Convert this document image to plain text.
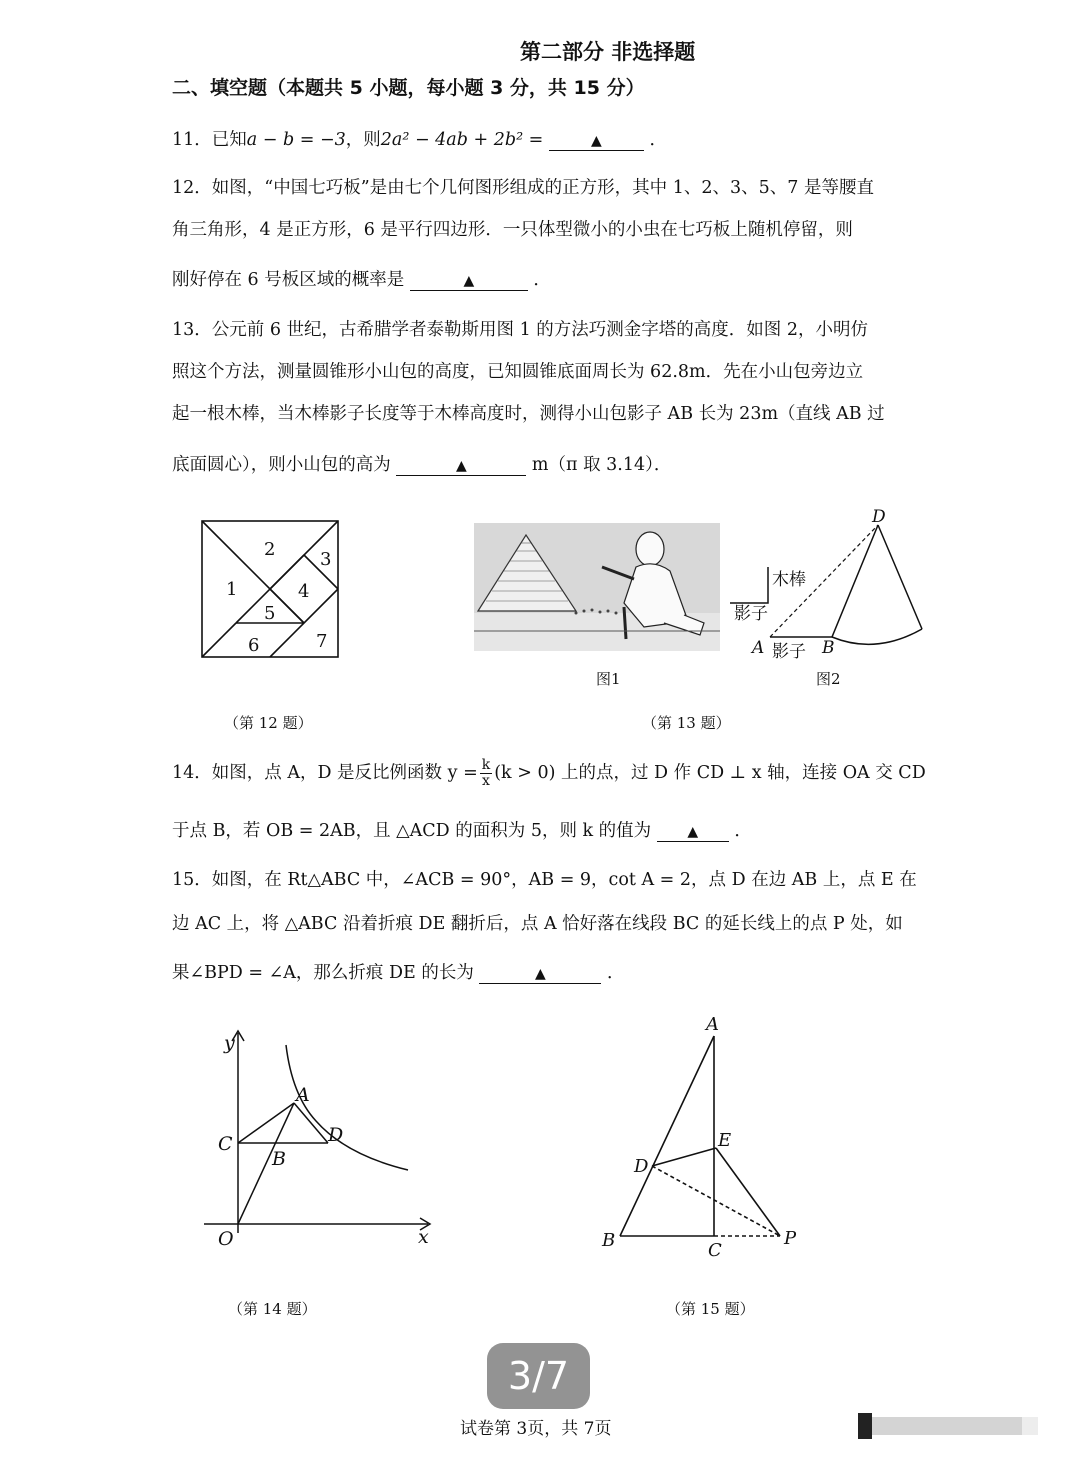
第二部分 非选择题
二、填空题（本题共 5 小题，每小题 3 分，共 15 分）
11．已知a − b = −3，则2a² − 4ab + 2b² =	▲	．
12．如图，“中国七巧板”是由七个几何图形组成的正方形，其中 1、2、3、5、7 是等腰直
角三角形，4 是正方形，6 是平行四边形．一只体型微小的小虫在七巧板上随机停留，则
刚好停在 6 号板区域的概率是	▲	．
13．公元前 6 世纪，古希腊学者泰勒斯用图 1 的方法巧测金字塔的高度．如图 2，小明仿
照这个方法，测量圆锥形小山包的高度，已知圆锥底面周长为 62.8m．先在小山包旁边立
起一根木棒，当木棒影子长度等于木棒高度时，测得小山包影子 AB 长为 23m（直线 AB 过
底面圆心），则小山包的高为	▲	m（π 取 3.14）．
1
2 3
4
5
6	7
图1
D
A	B
木棒
影子
影子
图2
（第 12 题）	（第 13 题）
14．如图，点 A，D 是反比例函数 $y = \frac{k}{x} (k > 0)$ 上的点，过 D 作 CD ⊥ x 轴，连接 OA 交 CD
于点 B，若 OB = 2AB，且 △ACD 的面积为 5，则 k 的值为	▲ ．
15．如图，在 Rt△ABC 中，∠ACB = 90°，AB = 9，cot A = 2，点 D 在边 AB 上，点 E 在
边 AC 上，将 △ABC 沿着折痕 DE 翻折后，点 A 恰好落在线段 BC 的延长线上的点 P 处，如
果∠BPD = ∠A，那么折痕 DE 的长为	▲	．
y
x
O
A
B
C	D
A
B	C
D
E
P
（第 14 题）	（第 15 题）
3/7
试卷第 3页，共 7页
